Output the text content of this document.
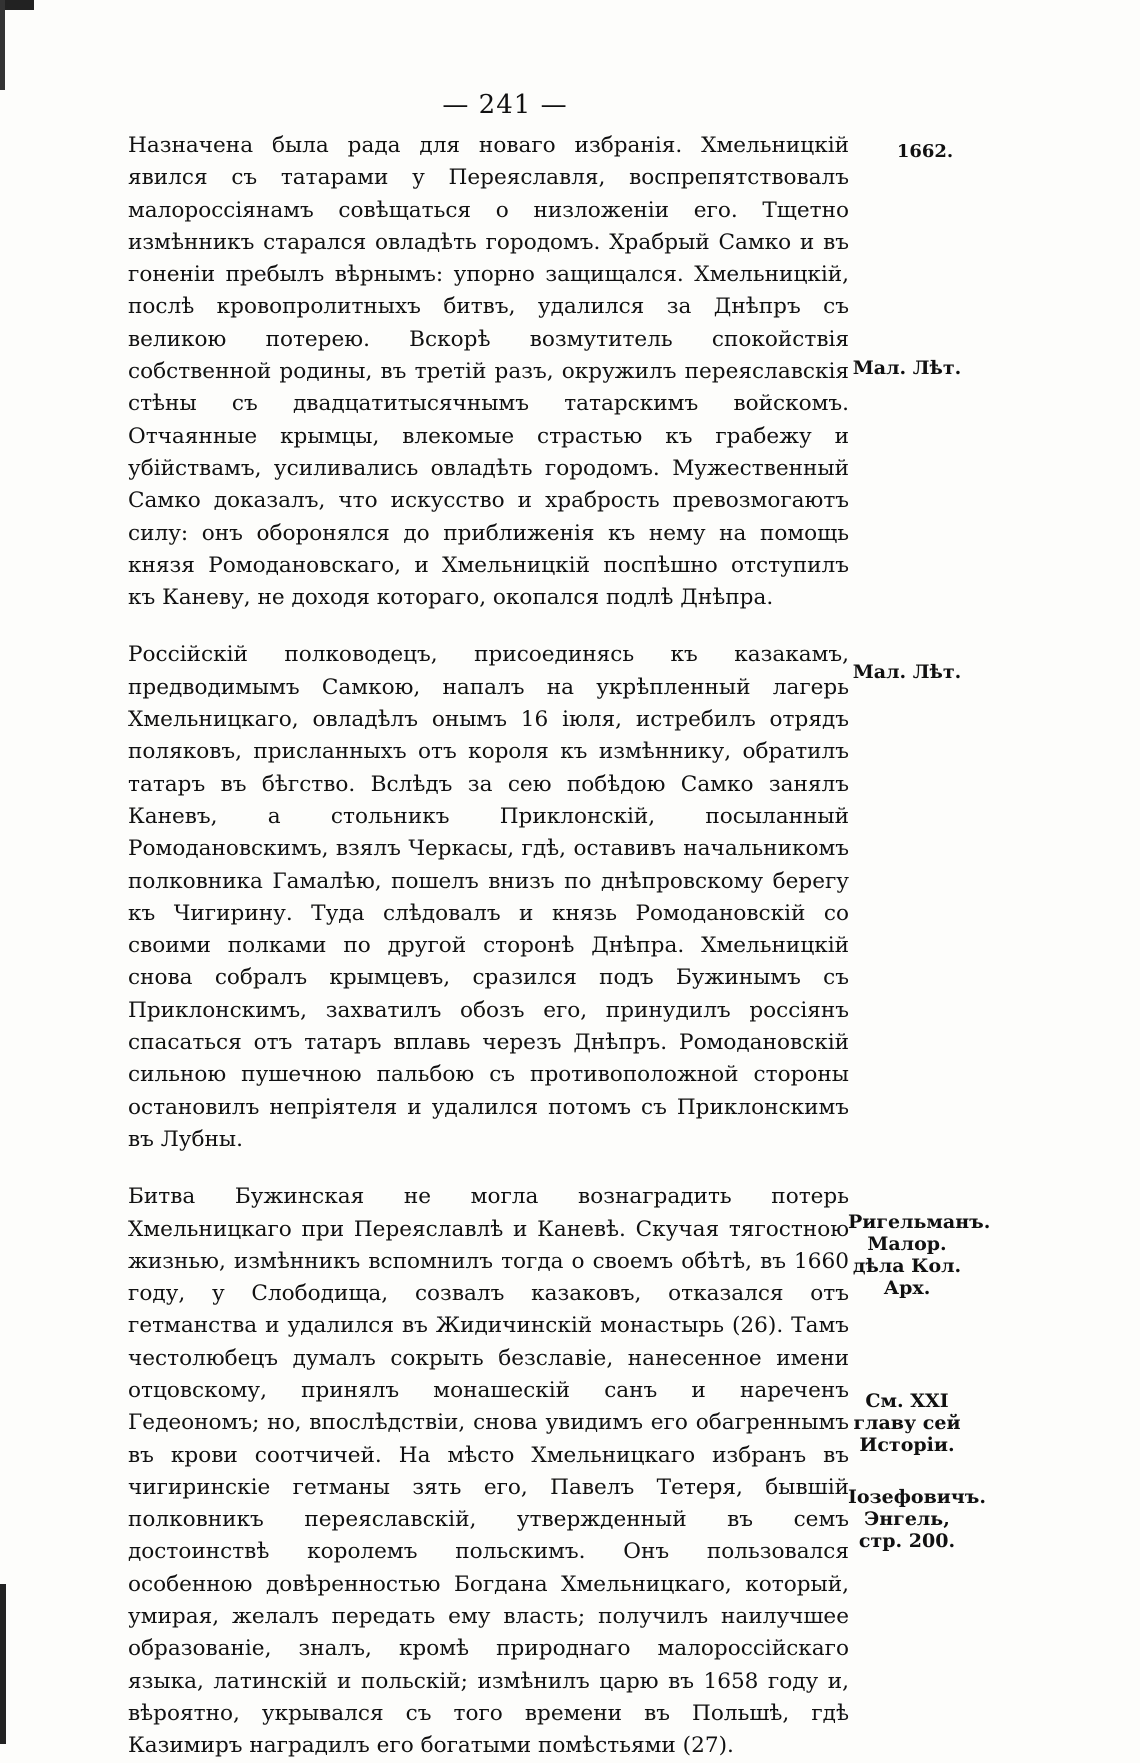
— 241 —

Назначена была рада для новаго избранія. Хмельницкій явился съ татарами у Переяславля, воспрепятствовалъ малороссіянамъ совѣщаться о низложеніи его. Тщетно измѣнникъ старался овладѣть городомъ. Храбрый Самко и въ гоненіи пребылъ вѣрнымъ: упорно защищался. Хмельницкій, послѣ кровопролитныхъ битвъ, удалился за Днѣпръ съ великою потерею. Вскорѣ возмутитель спокойствія собственной родины, въ третій разъ, окружилъ переяславскія стѣны съ двадцатитысячнымъ татарскимъ войскомъ. Отчаянные крымцы, влекомые страстью къ грабежу и убійствамъ, усиливались овладѣть городомъ. Мужественный Самко доказалъ, что искусство и храбрость превозмогаютъ силу: онъ оборонялся до приближенія къ нему на помощь князя Ромодановскаго, и Хмельницкій поспѣшно отступилъ къ Каневу, не доходя котораго, окопался подлѣ Днѣпра.

Россійскій полководецъ, присоединясь къ казакамъ, предводимымъ Самкою, напалъ на укрѣпленный лагерь Хмельницкаго, овладѣлъ онымъ 16 іюля, истребилъ отрядъ поляковъ, присланныхъ отъ короля къ измѣннику, обратилъ татаръ въ бѣгство. Вслѣдъ за сею побѣдою Самко занялъ Каневъ, а стольникъ Приклонскій, посыланный Ромодановскимъ, взялъ Черкасы, гдѣ, оставивъ начальникомъ полковника Гамалѣю, пошелъ внизъ по днѣпровскому берегу къ Чигирину. Туда слѣдовалъ и князь Ромодановскій со своими полками по другой сторонѣ Днѣпра. Хмельницкій снова собралъ крымцевъ, сразился подъ Бужинымъ съ Приклонскимъ, захватилъ обозъ его, принудилъ россіянъ спасаться отъ татаръ вплавь черезъ Днѣпръ. Ромодановскій сильною пушечною пальбою съ противоположной стороны остановилъ непріятеля и удалился потомъ съ Приклонскимъ въ Лубны.

Битва Бужинская не могла вознаградить потерь Хмельницкаго при Переяславлѣ и Каневѣ. Скучая тягостною жизнью, измѣнникъ вспомнилъ тогда о своемъ обѣтѣ, въ 1660 году, у Слободища, созвалъ казаковъ, отказался отъ гетманства и удалился въ Жидичинскій монастырь (26). Тамъ честолюбецъ думалъ сокрыть безславіе, нанесенное имени отцовскому, принялъ монашескій санъ и нареченъ Гедеономъ; но, впослѣдствіи, снова увидимъ его обагреннымъ въ крови соотчичей. На мѣсто Хмельницкаго избранъ въ чигиринскіе гетманы зять его, Павелъ Тетеря, бывшій полковникъ переяславскій, утвержденный въ семъ достоинствѣ королемъ польскимъ. Онъ пользовался особенною довѣренностью Богдана Хмельницкаго, который, умирая, желалъ передать ему власть; получилъ наилучшее образованіе, зналъ, кромѣ природнаго малороссійскаго языка, латинскій и польскій; измѣнилъ царю въ 1658 году и, вѣроятно, укрывался съ того времени въ Польшѣ, гдѣ Казимиръ наградилъ его богатыми помѣстьями (27).

1662.
Мал. Лѣт.
Мал. Лѣт.
Ригельманъ. Малор. дѣла Кол. Арх.
См. XXI главу сей Исторіи.
Іозефовичъ. Энгель, стр. 200.
